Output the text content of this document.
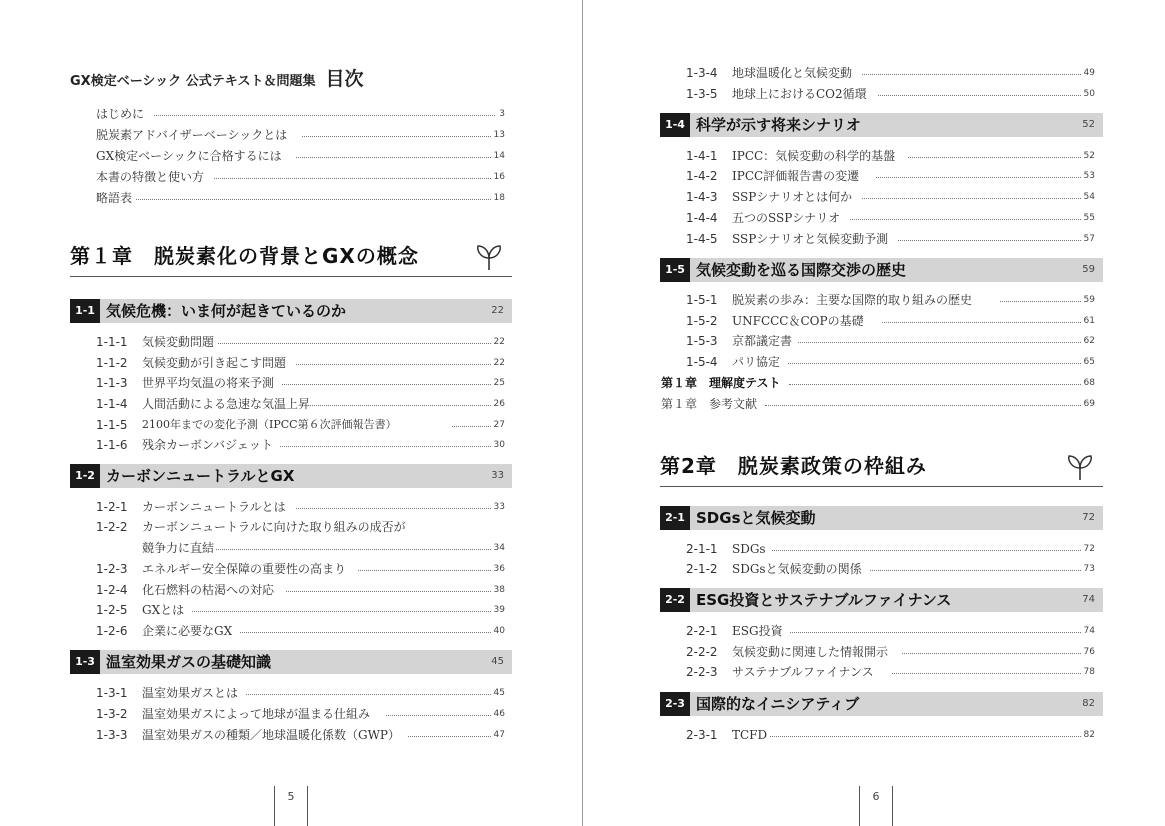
GX検定ベーシック 公式テキスト＆問題集 目次
はじめに	3
脱炭素アドバイザーベーシックとは	13
GX検定ベーシックに合格するには	14
本書の特徴と使い方	16
略語表	18
第１章　脱炭素化の背景とGXの概念
1-1 気候危機：いま何が起きているのか	22
1-1-1 気候変動問題	22
1-1-2 気候変動が引き起こす問題	22
1-1-3 世界平均気温の将来予測	25
1-1-4 人間活動による急速な気温上昇	26
1-1-5 2100年までの変化予測（IPCC第６次評価報告書）	27
1-1-6 残余カーボンバジェット	30
1-2 カーボンニュートラルとGX	33
1-2-1 カーボンニュートラルとは	33
1-2-2 カーボンニュートラルに向けた取り組みの成否が
競争力に直結	34
1-2-3 エネルギー安全保障の重要性の高まり	36
1-2-4 化石燃料の枯渇への対応	38
1-2-5 GXとは	39
1-2-6 企業に必要なGX	40
1-3 温室効果ガスの基礎知識	45
1-3-1 温室効果ガスとは	45
1-3-2 温室効果ガスによって地球が温まる仕組み	46
1-3-3 温室効果ガスの種類／地球温暖化係数（GWP）	47
5
1-3-4 地球温暖化と気候変動	49
1-3-5 地球上におけるCO2循環	50
1-4 科学が示す将来シナリオ	52
1-4-1 IPCC：気候変動の科学的基盤	52
1-4-2 IPCC評価報告書の変遷	53
1-4-3 SSPシナリオとは何か	54
1-4-4 五つのSSPシナリオ	55
1-4-5 SSPシナリオと気候変動予測	57
1-5 気候変動を巡る国際交渉の歴史	59
1-5-1 脱炭素の歩み：主要な国際的取り組みの歴史	59
1-5-2 UNFCCC＆COPの基礎	61
1-5-3 京都議定書	62
1-5-4 パリ協定	65
第１章　理解度テスト	68
第１章　参考文献	69
第2章　脱炭素政策の枠組み
2-1 SDGsと気候変動	72
2-1-1 SDGs	72
2-1-2 SDGsと気候変動の関係	73
2-2 ESG投資とサステナブルファイナンス	74
2-2-1 ESG投資	74
2-2-2 気候変動に関連した情報開示	76
2-2-3 サステナブルファイナンス	78
2-3 国際的なイニシアティブ	82
2-3-1 TCFD	82
6
